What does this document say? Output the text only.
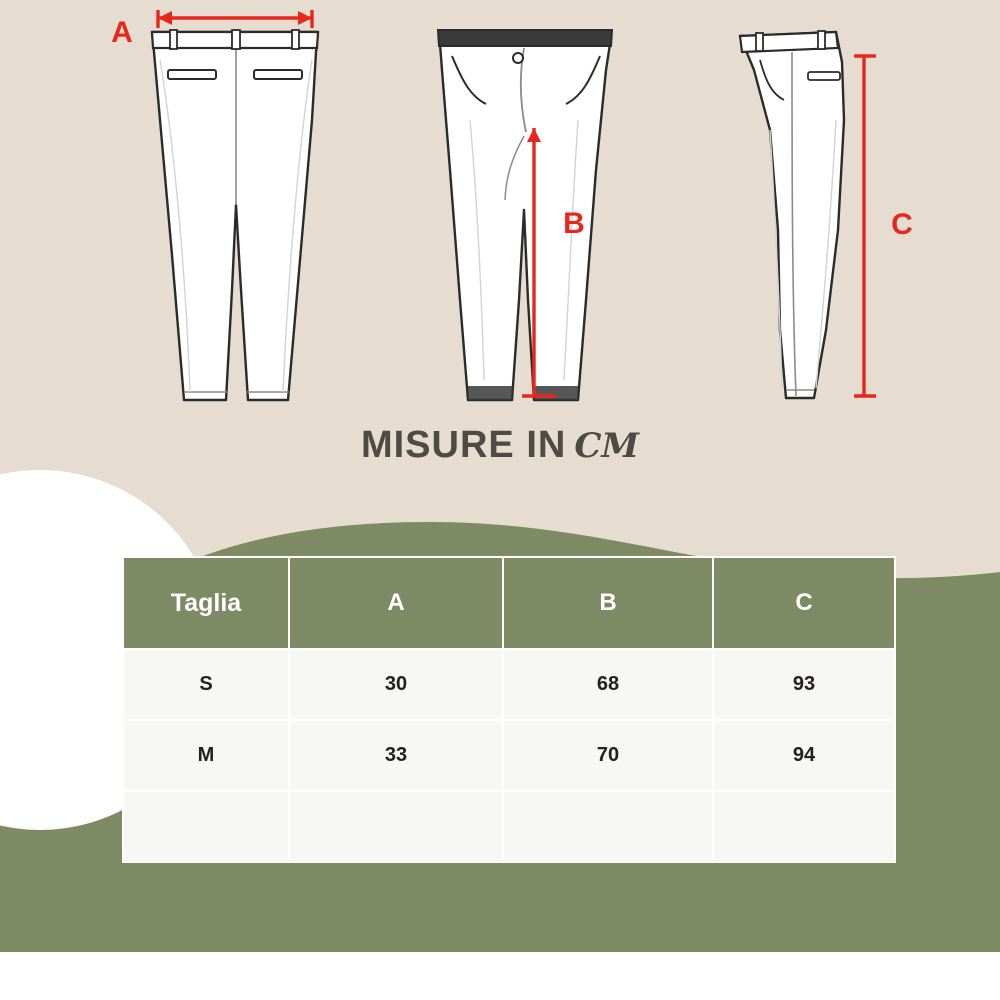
A
B	C
MISURE IN CM
Taglia	A	B	C
S	30	68	93
M	33	70	94
